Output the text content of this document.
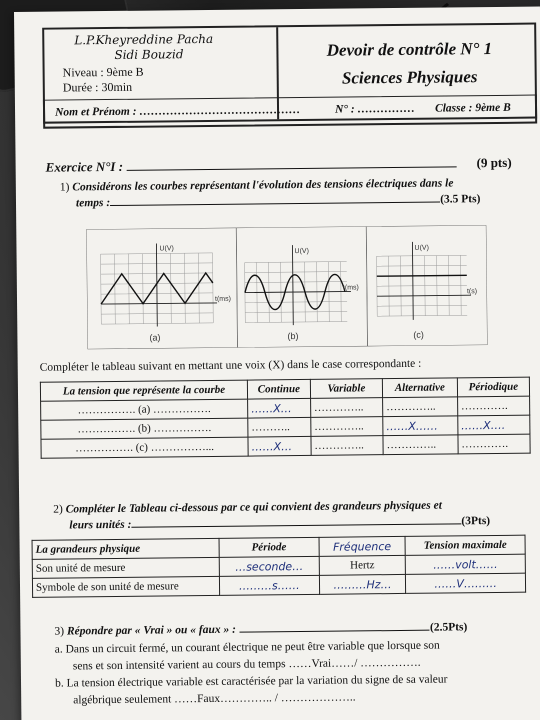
L.P.Kheyreddine Pacha
Sidi Bouzid
Niveau : 9ème B
Durée : 30min
Devoir de contrôle N° 1
Sciences Physiques
Nom et Prénom : ……………………………………	N° : …………… Classe : 9ème B
Exercice N°I :	(9 pts)
1) Considérons les courbes représentant l'évolution des tensions électriques dans le
temps :	(3.5 Pts)
U(V)
t(ms)
(a)
U(V)
t(ms)
(b)
U(V)
t(s)
(c)
Compléter le tableau suivant en mettant une voix (X) dans le case correspondante :
La tension que représente la courbe	Continue	Variable	Alternative	Périodique
……………. (a) …………….	……X…	…………..	…………..	………….
……………. (b) …………….	………..	…………..	……X……	……X….
……………. (c) ……………...	……X…	…………..	…………..	………….
2) Compléter le Tableau ci-dessous par ce qui convient des grandeurs physiques et
leurs unités :	(3Pts)
La grandeurs physique	Période	Fréquence	Tension maximale
Son unité de mesure	…seconde…	Hertz	……volt……
Symbole de son unité de mesure	………s……	………Hz…	……V………
3) Répondre par « Vrai » ou « faux » :	(2.5Pts)
a. Dans un circuit fermé, un courant électrique ne peut être variable que lorsque son
sens et son intensité varient au cours du temps ……Vrai……/ …………….
b. La tension électrique variable est caractérisée par la variation du signe de sa valeur
algébrique seulement ……Faux………….. / ………………..
